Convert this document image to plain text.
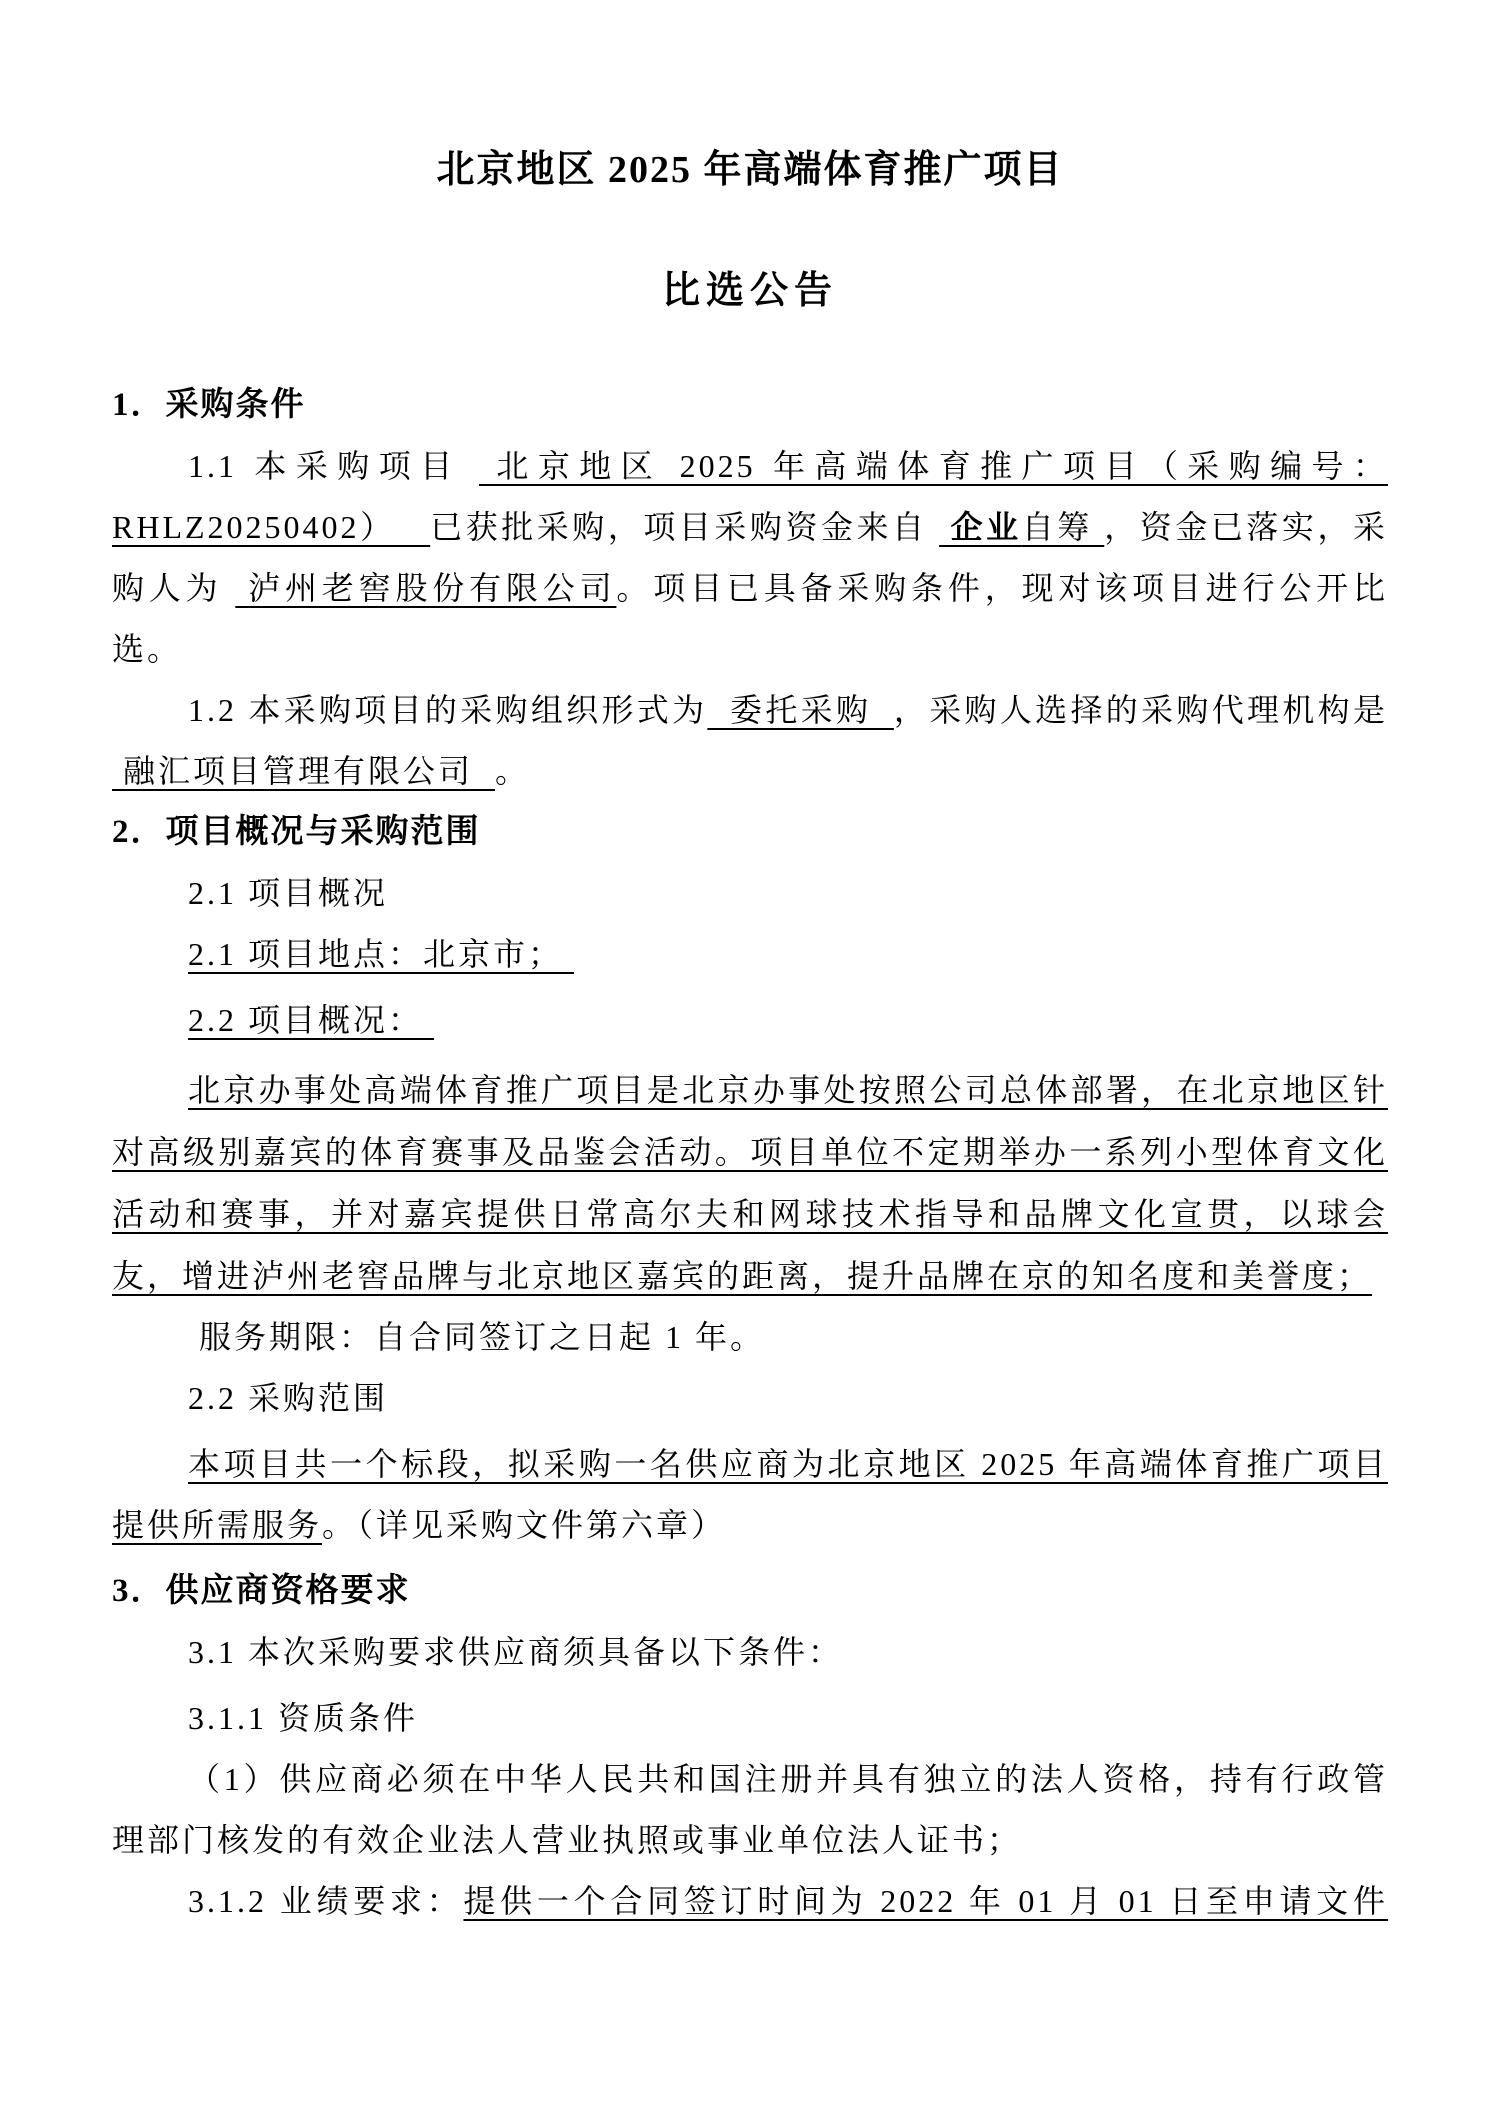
北京地区 2025 年高端体育推广项目
比选公告

1．采购条件

1.1 本采购项目  北京地区 2025 年高端体育推广项目（采购编号：RHLZ20250402）   已获批采购，项目采购资金来自  企业自筹 ，资金已落实，采购人为  泸州老窖股份有限公司。项目已具备采购条件，现对该项目进行公开比选。

1.2 本采购项目的采购组织形式为  委托采购  ，采购人选择的采购代理机构是  融汇项目管理有限公司  。

2．项目概况与采购范围

2.1 项目概况

2.1 项目地点：北京市；

2.2 项目概况：

北京办事处高端体育推广项目是北京办事处按照公司总体部署，在北京地区针对高级别嘉宾的体育赛事及品鉴会活动。项目单位不定期举办一系列小型体育文化活动和赛事，并对嘉宾提供日常高尔夫和网球技术指导和品牌文化宣贯，以球会友，增进泸州老窖品牌与北京地区嘉宾的距离，提升品牌在京的知名度和美誉度；

服务期限：自合同签订之日起 1 年。

2.2 采购范围

本项目共一个标段，拟采购一名供应商为北京地区 2025 年高端体育推广项目提供所需服务。（详见采购文件第六章）

3．供应商资格要求

3.1 本次采购要求供应商须具备以下条件：

3.1.1 资质条件

（1）供应商必须在中华人民共和国注册并具有独立的法人资格，持有行政管理部门核发的有效企业法人营业执照或事业单位法人证书；

3.1.2 业绩要求：提供一个合同签订时间为 2022 年 01 月 01 日至申请文件
